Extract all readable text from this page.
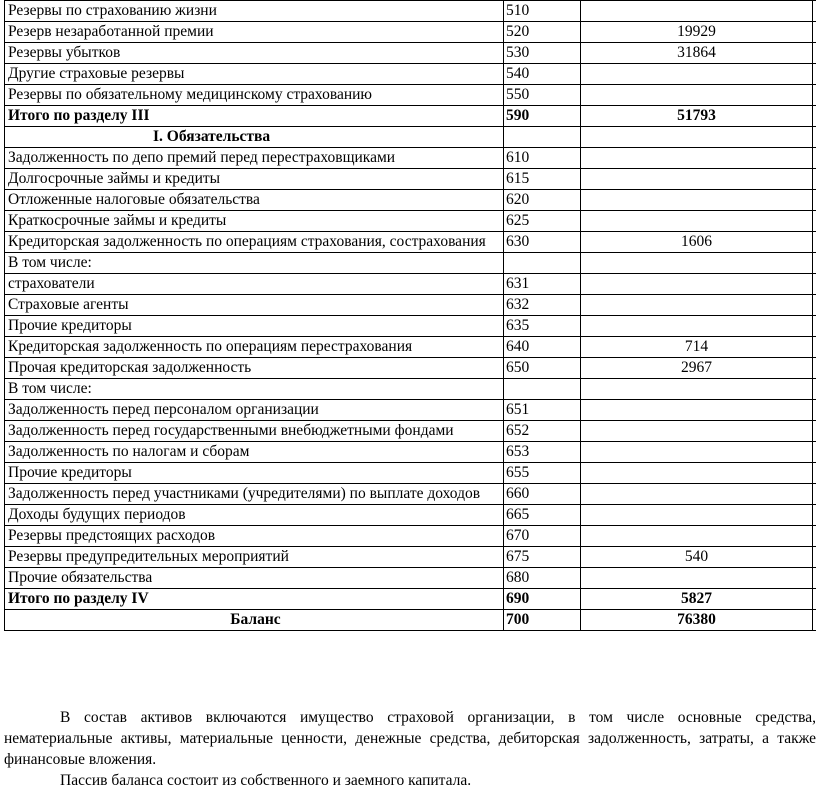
Резервы по страхованию жизни	510		
Резерв незаработанной премии	520	19929	
Резервы убытков	530	31864	
Другие страховые резервы	540		
Резервы по обязательному медицинскому страхованию	550		
Итого по разделу III	590	51793	
I. Обязательства			
Задолженность по депо премий перед перестраховщиками	610		
Долгосрочные займы и кредиты	615		
Отложенные налоговые обязательства	620		
Краткосрочные займы и кредиты	625		
Кредиторская задолженность по операциям страхования, сострахования	630	1606	
В том числе:			
страхователи	631		
Страховые агенты	632		
Прочие кредиторы	635		
Кредиторская задолженность по операциям перестрахования	640	714	
Прочая кредиторская задолженность	650	2967	
В том числе:			
Задолженность перед персоналом организации	651		
Задолженность перед государственными внебюджетными фондами	652		
Задолженность по налогам и сборам	653		
Прочие кредиторы	655		
Задолженность перед участниками (учредителями) по выплате доходов	660		
Доходы будущих периодов	665		
Резервы предстоящих расходов	670		
Резервы предупредительных мероприятий	675	540	
Прочие обязательства	680		
Итого по разделу IV	690	5827	
Баланс	700	76380	

В состав активов включаются имущество страховой организации, в том числе основные средства, нематериальные активы, материальные ценности, денежные средства, дебиторская задолженность, затраты, а также финансовые вложения.

Пассив баланса состоит из собственного и заемного капитала.
